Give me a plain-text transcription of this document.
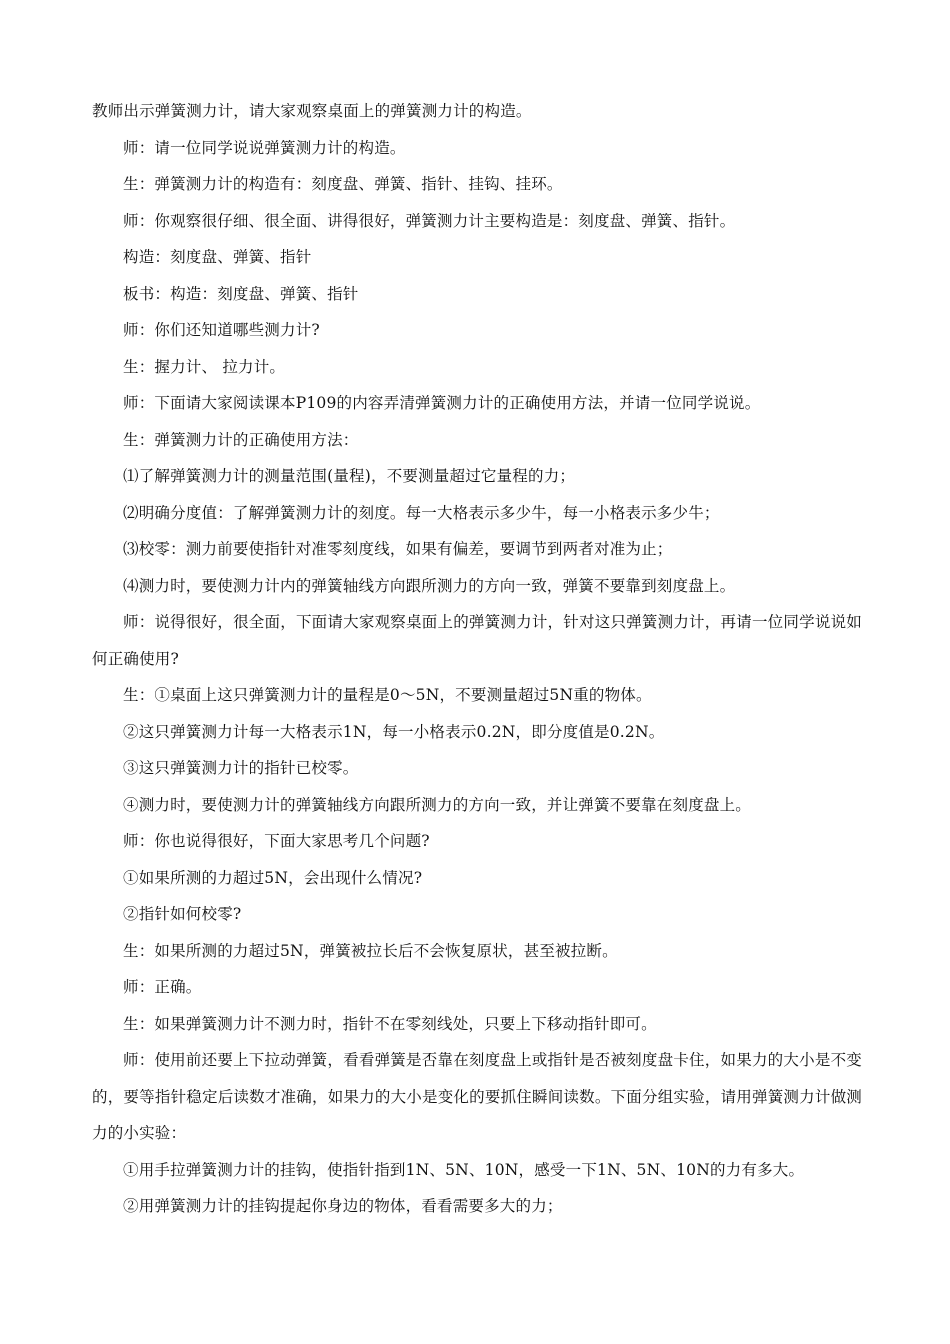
教师出示弹簧测力计，请大家观察桌面上的弹簧测力计的构造。

师：请一位同学说说弹簧测力计的构造。

生：弹簧测力计的构造有：刻度盘、弹簧、指针、挂钩、挂环。

师：你观察很仔细、很全面、讲得很好，弹簧测力计主要构造是：刻度盘、弹簧、指针。

构造：刻度盘、弹簧、指针

板书：构造：刻度盘、弹簧、指针

师：你们还知道哪些测力计?

生：握力计、 拉力计。

师：下面请大家阅读课本P109的内容弄清弹簧测力计的正确使用方法，并请一位同学说说。

生：弹簧测力计的正确使用方法：

⑴了解弹簧测力计的测量范围(量程)，不要测量超过它量程的力；

⑵明确分度值：了解弹簧测力计的刻度。每一大格表示多少牛，每一小格表示多少牛；

⑶校零：测力前要使指针对准零刻度线，如果有偏差，要调节到两者对准为止；

⑷测力时，要使测力计内的弹簧轴线方向跟所测力的方向一致，弹簧不要靠到刻度盘上。

师：说得很好，很全面，下面请大家观察桌面上的弹簧测力计，针对这只弹簧测力计，再请一位同学说说如何正确使用?

生：①桌面上这只弹簧测力计的量程是0～5N，不要测量超过5N重的物体。

②这只弹簧测力计每一大格表示1N，每一小格表示0.2N，即分度值是0.2N。

③这只弹簧测力计的指针已校零。

④测力时，要使测力计的弹簧轴线方向跟所测力的方向一致，并让弹簧不要靠在刻度盘上。

师：你也说得很好，下面大家思考几个问题?

①如果所测的力超过5N，会出现什么情况?

②指针如何校零?

生：如果所测的力超过5N，弹簧被拉长后不会恢复原状，甚至被拉断。

师：正确。

生：如果弹簧测力计不测力时，指针不在零刻线处，只要上下移动指针即可。

师：使用前还要上下拉动弹簧，看看弹簧是否靠在刻度盘上或指针是否被刻度盘卡住，如果力的大小是不变的，要等指针稳定后读数才准确，如果力的大小是变化的要抓住瞬间读数。下面分组实验，请用弹簧测力计做测力的小实验：

①用手拉弹簧测力计的挂钩，使指针指到1N、5N、10N，感受一下1N、5N、10N的力有多大。

②用弹簧测力计的挂钩提起你身边的物体，看看需要多大的力；
